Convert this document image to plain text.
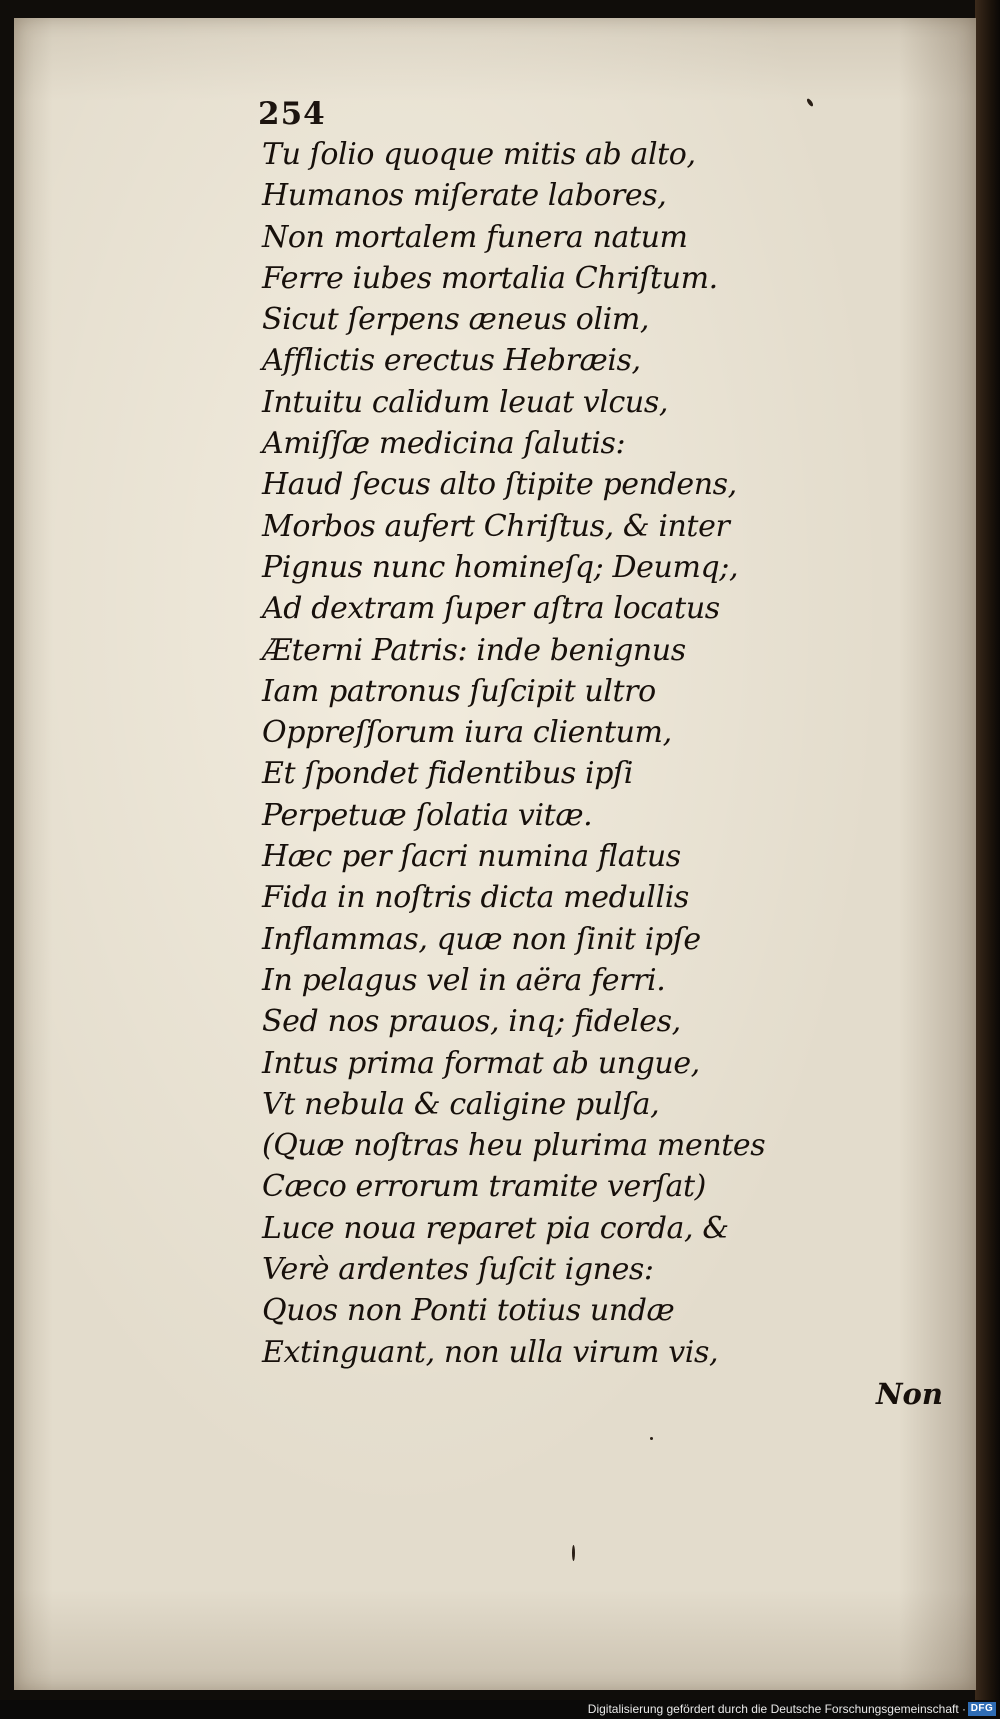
254
Tu ſolio quoque mitis ab alto,
Humanos miſerate labores,
Non mortalem funera natum
Ferre iubes mortalia Chriſtum.
Sicut ſerpens æneus olim,
Afflictis erectus Hebræis,
Intuitu calidum leuat vlcus,
Amiſſæ medicina ſalutis:
Haud ſecus alto ſtipite pendens,
Morbos aufert Chriſtus, & inter
Pignus nunc homineſq; Deumq;,
Ad dextram ſuper aſtra locatus
Æterni Patris: inde benignus
Iam patronus ſuſcipit ultro
Oppreſſorum iura clientum,
Et ſpondet fidentibus ipſi
Perpetuæ ſolatia vitæ.
Hæc per ſacri numina flatus
Fida in noſtris dicta medullis
Inflammas, quæ non ſinit ipſe
In pelagus vel in aëra ferri.
Sed nos prauos, inq; fideles,
Intus prima format ab ungue,
Vt nebula & caligine pulſa,
(Quæ noſtras heu plurima mentes
Cæco errorum tramite verſat)
Luce noua reparet pia corda, &
Verè ardentes ſuſcit ignes:
Quos non Ponti totius undæ
Extinguant, non ulla virum vis,
Non
Digitalisierung gefördert durch die Deutsche Forschungsgemeinschaft · DFG
